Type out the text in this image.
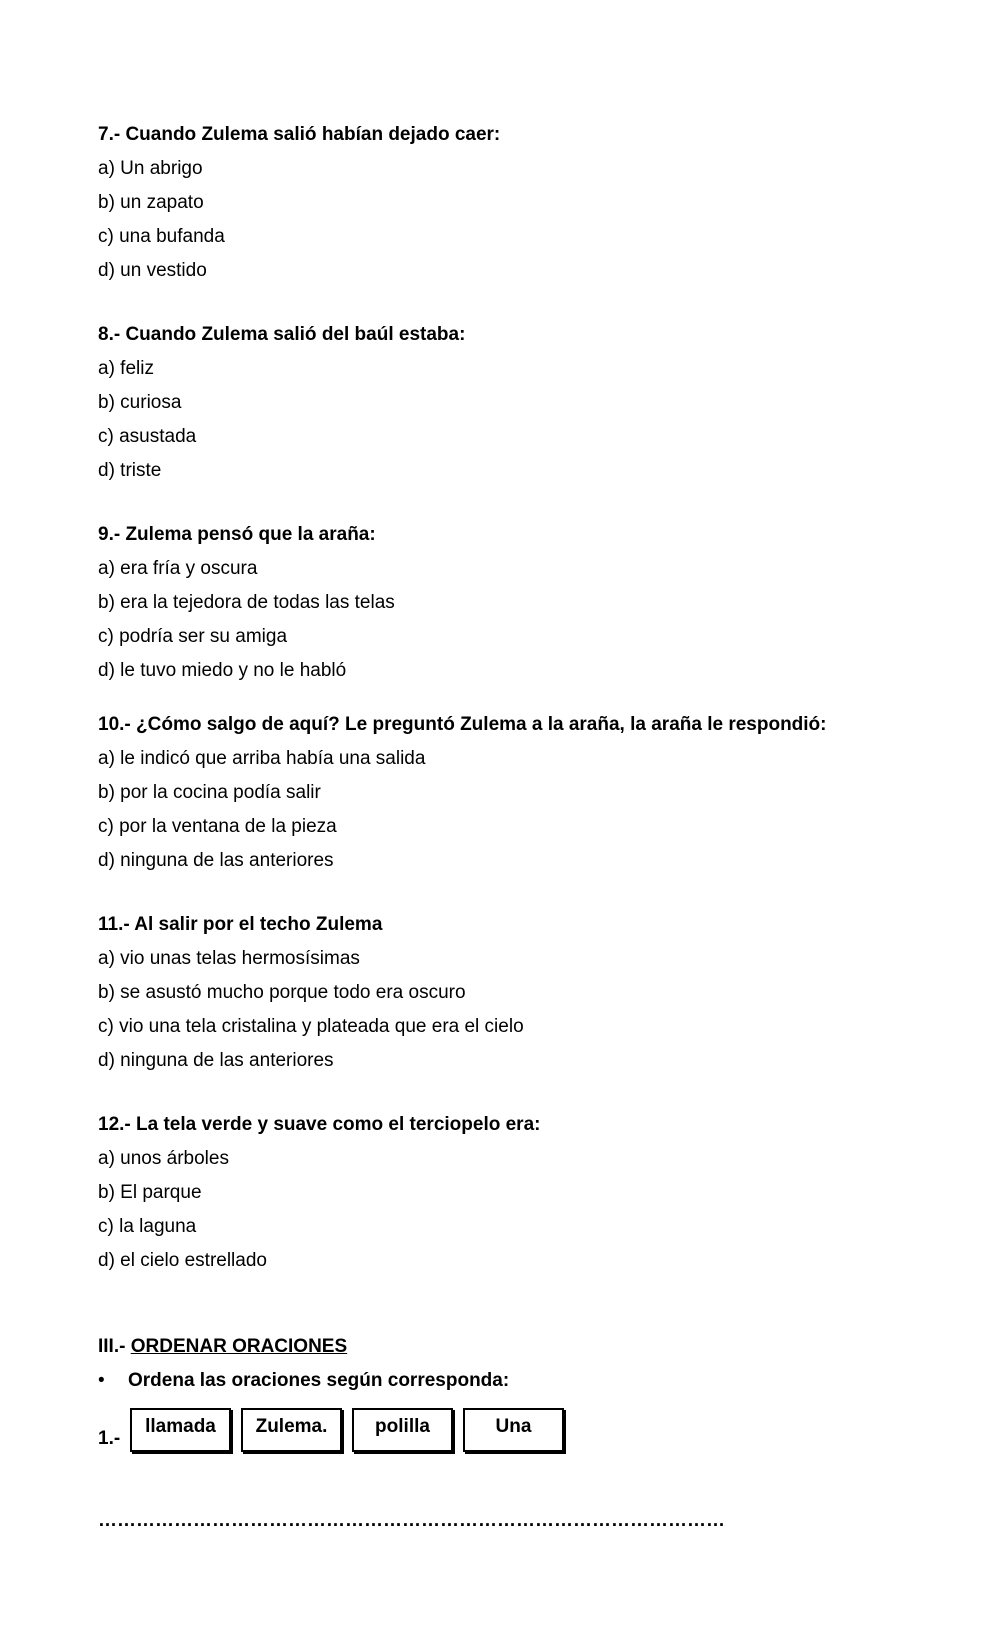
7.- Cuando Zulema salió habían dejado caer:
a) Un abrigo
b) un zapato
c) una bufanda
d) un vestido
8.- Cuando Zulema salió del baúl estaba:
a) feliz
b) curiosa
c) asustada
d) triste
9.- Zulema pensó que la araña:
a) era fría y oscura
b) era la tejedora de todas las telas
c) podría ser su amiga
d) le tuvo miedo y no le habló
10.- ¿Cómo salgo de aquí? Le preguntó Zulema a la araña, la araña le respondió:
a) le indicó que arriba había una salida
b) por la cocina podía salir
c) por la ventana de la pieza
d) ninguna de las anteriores
11.- Al salir por el techo Zulema
a) vio unas telas hermosísimas
b) se asustó mucho porque todo era oscuro
c) vio una tela cristalina y plateada que era el cielo
d) ninguna de las anteriores
12.- La tela verde y suave como el terciopelo era:
a) unos árboles
b) El parque
c) la laguna
d) el cielo estrellado
III.- ORDENAR ORACIONES
• Ordena las oraciones según corresponda:
1.-
llamada	Zulema.	polilla	Una
………………………………………………………………………………………
